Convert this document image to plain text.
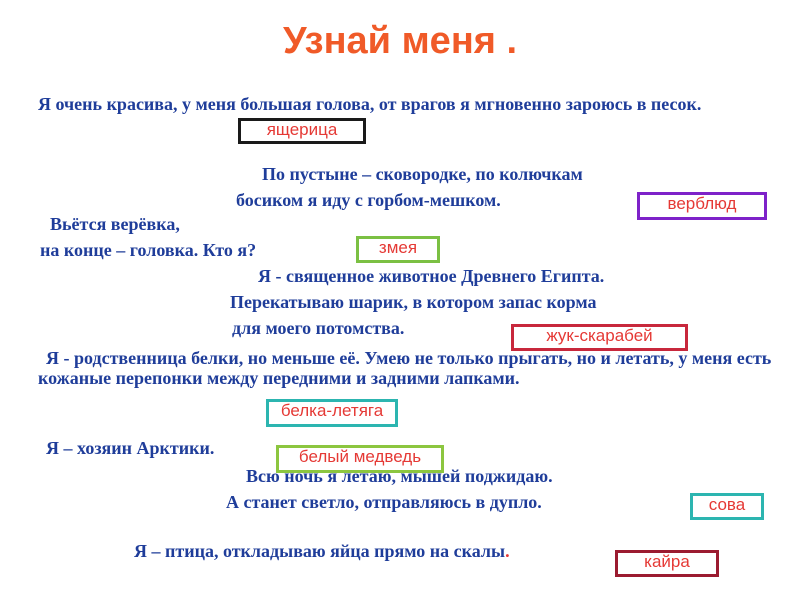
Узнай меня .
Я очень красива, у меня большая голова, от врагов я мгновенно зароюсь в песок.
ящерица
По пустыне – сковородке, по колючкам
босиком я иду с горбом-мешком.	верблюд
Вьётся верёвка,
на конце – головка. Кто я?	змея
Я - священное животное Древнего Египта.
Перекатываю шарик, в котором запас корма
для моего потомства.	жук-скарабей
Я - родственница белки, но меньше её. Умею не только прыгать, но и летать, у меня есть кожаные перепонки между передними и задними лапками.
белка-летяга
Я – хозяин Арктики.	белый медведь
Всю ночь я летаю, мышей поджидаю.
А станет светло, отправляюсь в дупло.	сова
Я – птица, откладываю яйца прямо на скалы.
кайра
